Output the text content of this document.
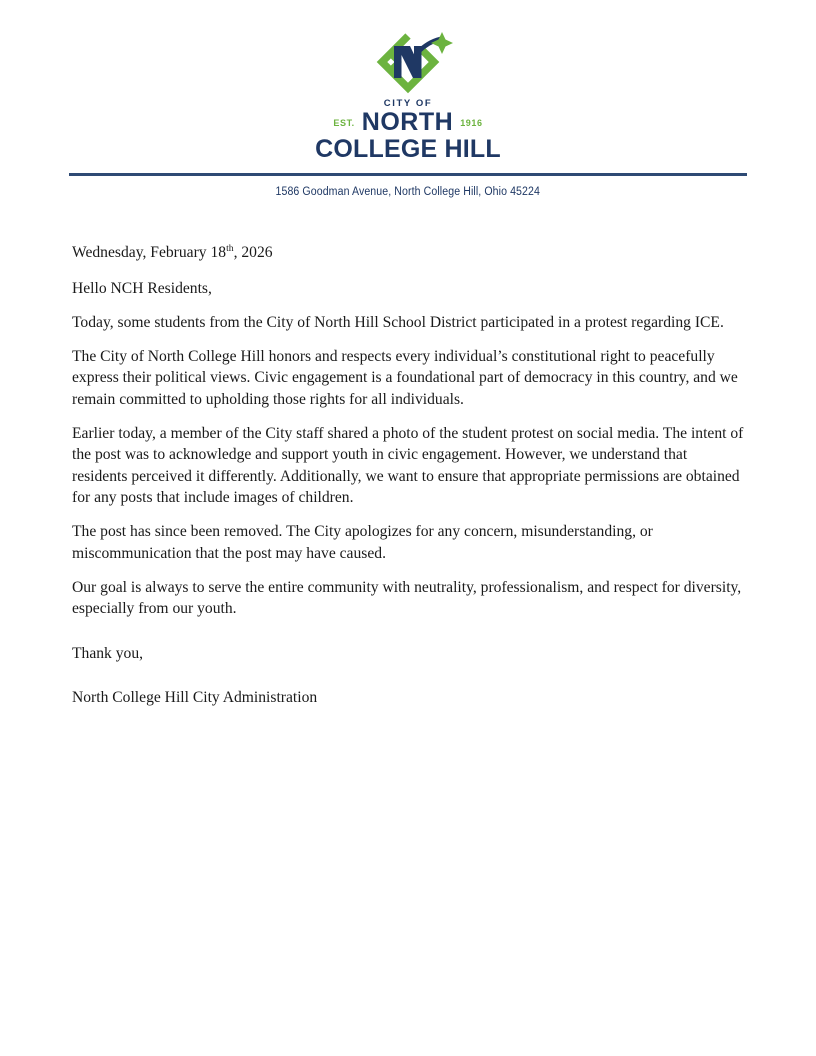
CITY OF
EST. NORTH 1916
COLLEGE HILL
1586 Goodman Avenue, North College Hill, Ohio 45224

Wednesday, February 18th, 2026

Hello NCH Residents,

Today, some students from the City of North Hill School District participated in a protest regarding ICE.

The City of North College Hill honors and respects every individual’s constitutional right to peacefully express their political views. Civic engagement is a foundational part of democracy in this country, and we remain committed to upholding those rights for all individuals.

Earlier today, a member of the City staff shared a photo of the student protest on social media. The intent of the post was to acknowledge and support youth in civic engagement. However, we understand that residents perceived it differently. Additionally, we want to ensure that appropriate permissions are obtained for any posts that include images of children.

The post has since been removed. The City apologizes for any concern, misunderstanding, or miscommunication that the post may have caused.

Our goal is always to serve the entire community with neutrality, professionalism, and respect for diversity, especially from our youth.

Thank you,

North College Hill City Administration
